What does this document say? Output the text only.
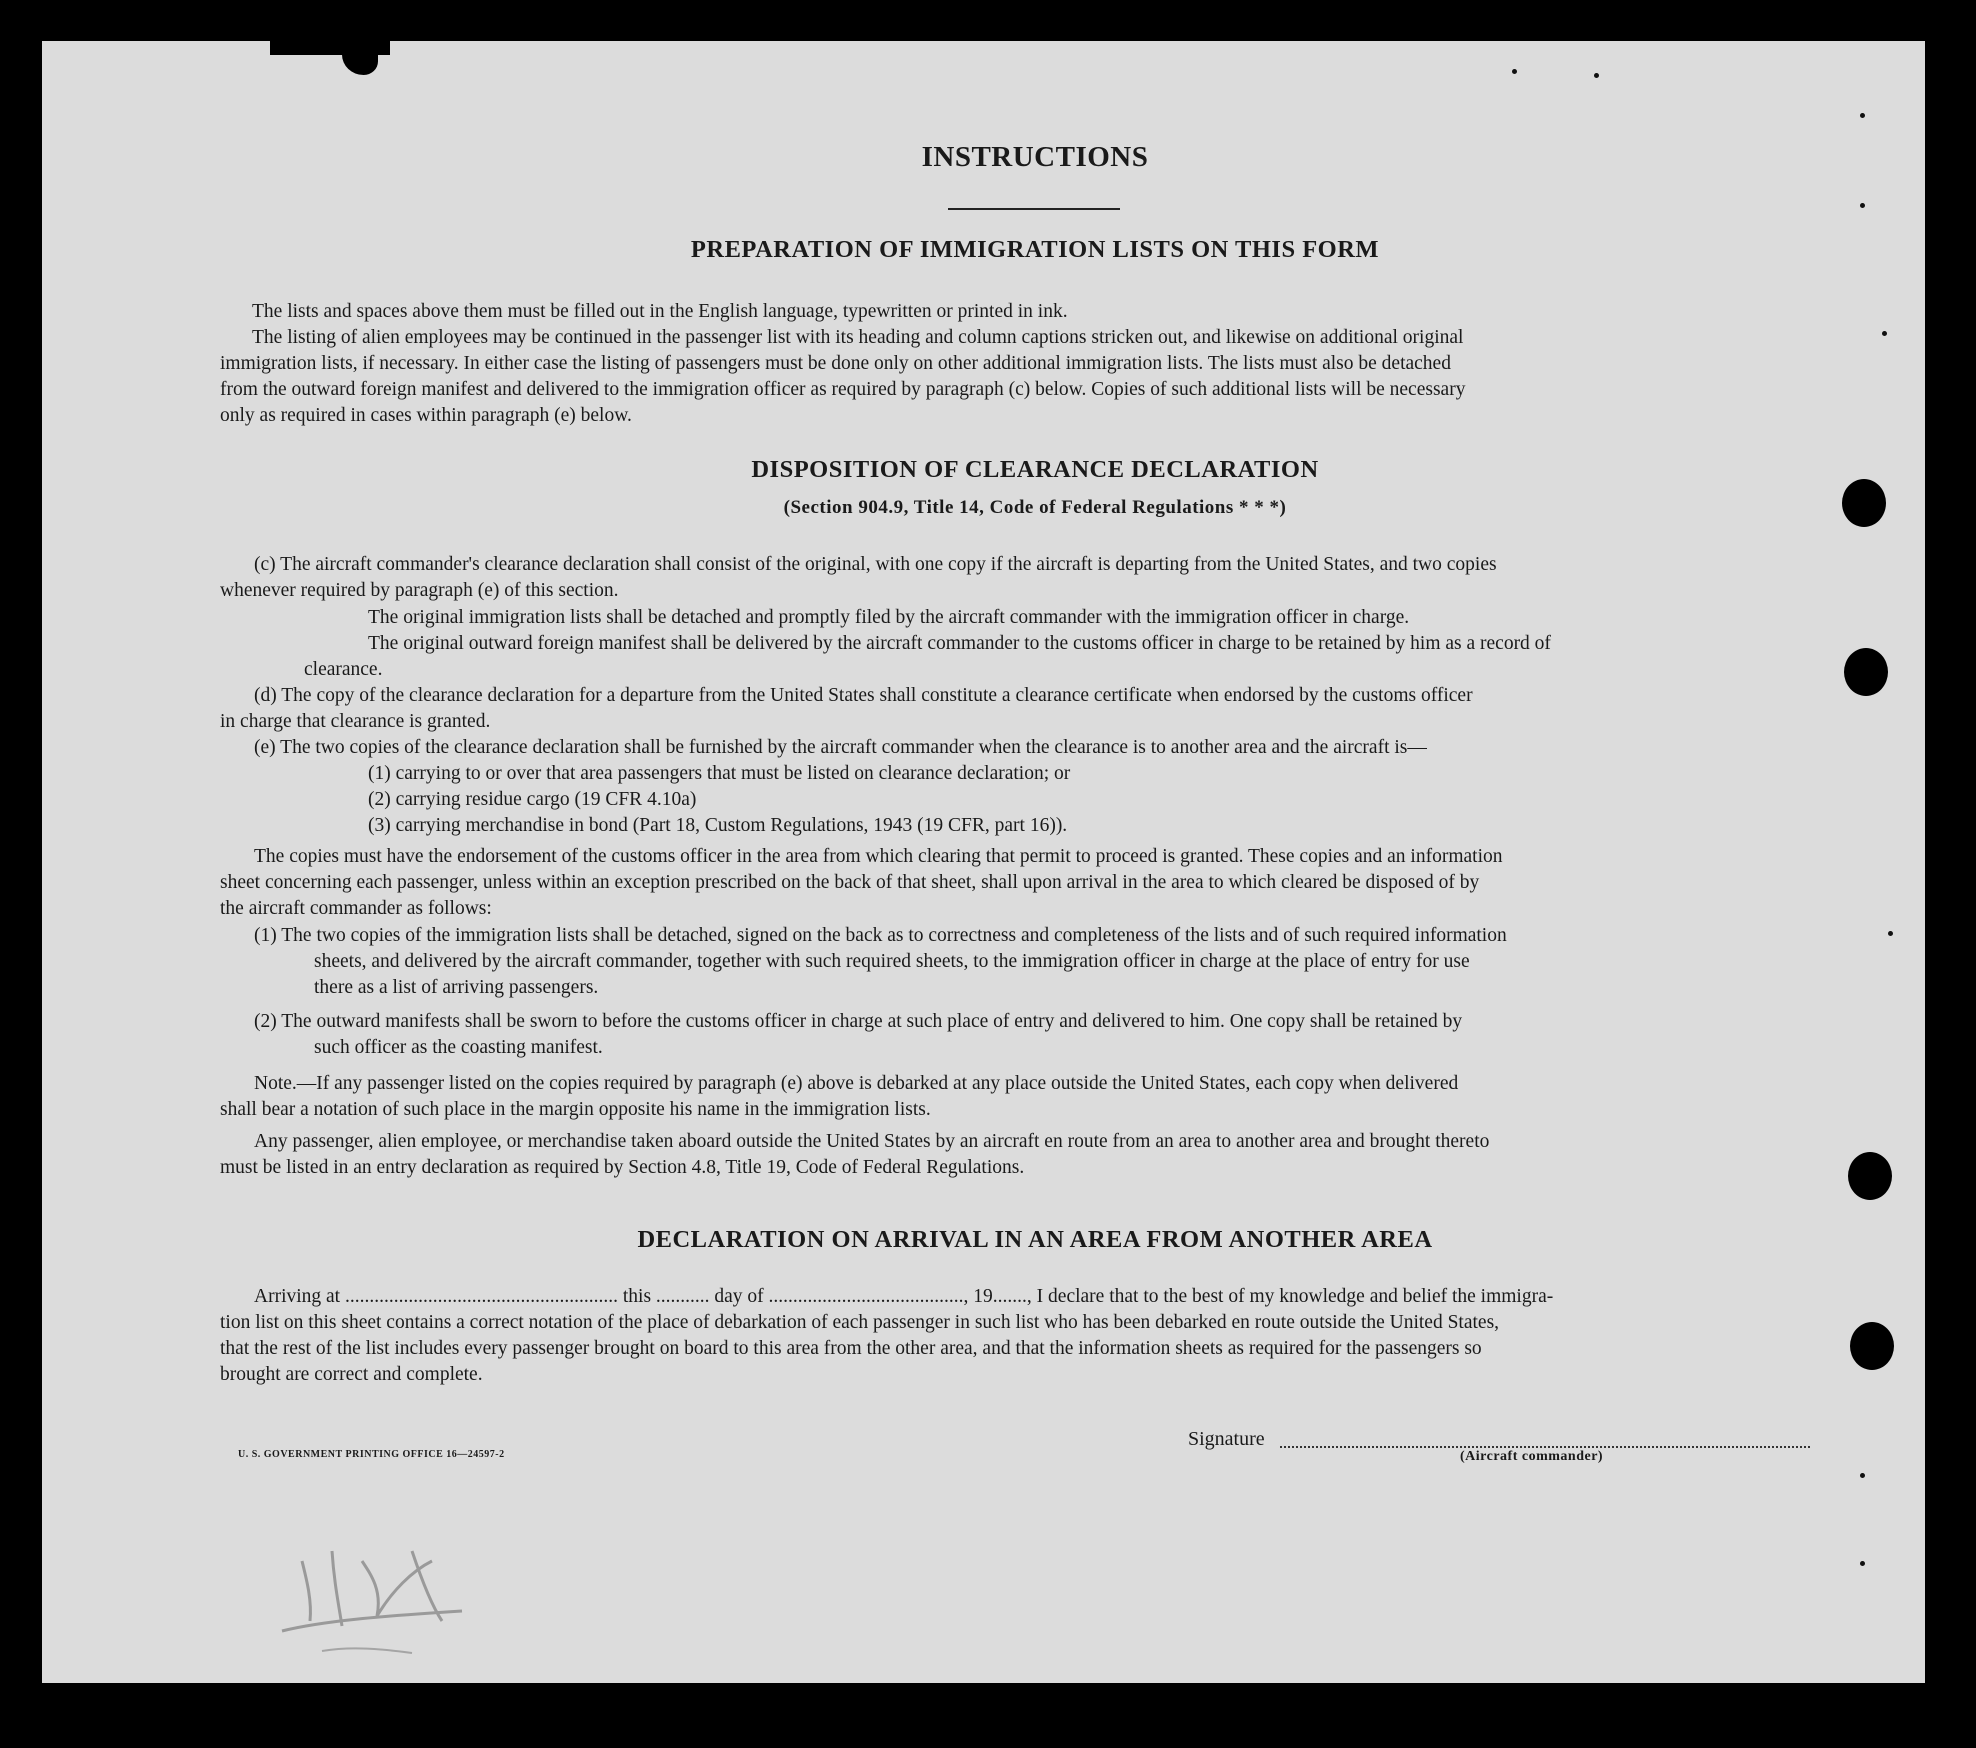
INSTRUCTIONS
PREPARATION OF IMMIGRATION LISTS ON THIS FORM
The lists and spaces above them must be filled out in the English language, typewritten or printed in ink.
The listing of alien employees may be continued in the passenger list with its heading and column captions stricken out, and likewise on additional original
immigration lists, if necessary. In either case the listing of passengers must be done only on other additional immigration lists. The lists must also be detached
from the outward foreign manifest and delivered to the immigration officer as required by paragraph (c) below. Copies of such additional lists will be necessary
only as required in cases within paragraph (e) below.
DISPOSITION OF CLEARANCE DECLARATION
(Section 904.9, Title 14, Code of Federal Regulations * * *)
(c) The aircraft commander's clearance declaration shall consist of the original, with one copy if the aircraft is departing from the United States, and two copies
whenever required by paragraph (e) of this section.
The original immigration lists shall be detached and promptly filed by the aircraft commander with the immigration officer in charge.
The original outward foreign manifest shall be delivered by the aircraft commander to the customs officer in charge to be retained by him as a record of
clearance.
(d) The copy of the clearance declaration for a departure from the United States shall constitute a clearance certificate when endorsed by the customs officer
in charge that clearance is granted.
(e) The two copies of the clearance declaration shall be furnished by the aircraft commander when the clearance is to another area and the aircraft is—
(1) carrying to or over that area passengers that must be listed on clearance declaration; or
(2) carrying residue cargo (19 CFR 4.10a)
(3) carrying merchandise in bond (Part 18, Custom Regulations, 1943 (19 CFR, part 16)).
The copies must have the endorsement of the customs officer in the area from which clearing that permit to proceed is granted. These copies and an information
sheet concerning each passenger, unless within an exception prescribed on the back of that sheet, shall upon arrival in the area to which cleared be disposed of by
the aircraft commander as follows:
(1) The two copies of the immigration lists shall be detached, signed on the back as to correctness and completeness of the lists and of such required information
sheets, and delivered by the aircraft commander, together with such required sheets, to the immigration officer in charge at the place of entry for use
there as a list of arriving passengers.
(2) The outward manifests shall be sworn to before the customs officer in charge at such place of entry and delivered to him. One copy shall be retained by
such officer as the coasting manifest.
Note.—If any passenger listed on the copies required by paragraph (e) above is debarked at any place outside the United States, each copy when delivered
shall bear a notation of such place in the margin opposite his name in the immigration lists.
Any passenger, alien employee, or merchandise taken aboard outside the United States by an aircraft en route from an area to another area and brought thereto
must be listed in an entry declaration as required by Section 4.8, Title 19, Code of Federal Regulations.
DECLARATION ON ARRIVAL IN AN AREA FROM ANOTHER AREA
Arriving at ........................................................ this ........... day of ........................................, 19......., I declare that to the best of my knowledge and belief the immigra-
tion list on this sheet contains a correct notation of the place of debarkation of each passenger in such list who has been debarked en route outside the United States,
that the rest of the list includes every passenger brought on board to this area from the other area, and that the information sheets as required for the passengers so
brought are correct and complete.
Signature
(Aircraft commander)
U. S. GOVERNMENT PRINTING OFFICE 16—24597-2
